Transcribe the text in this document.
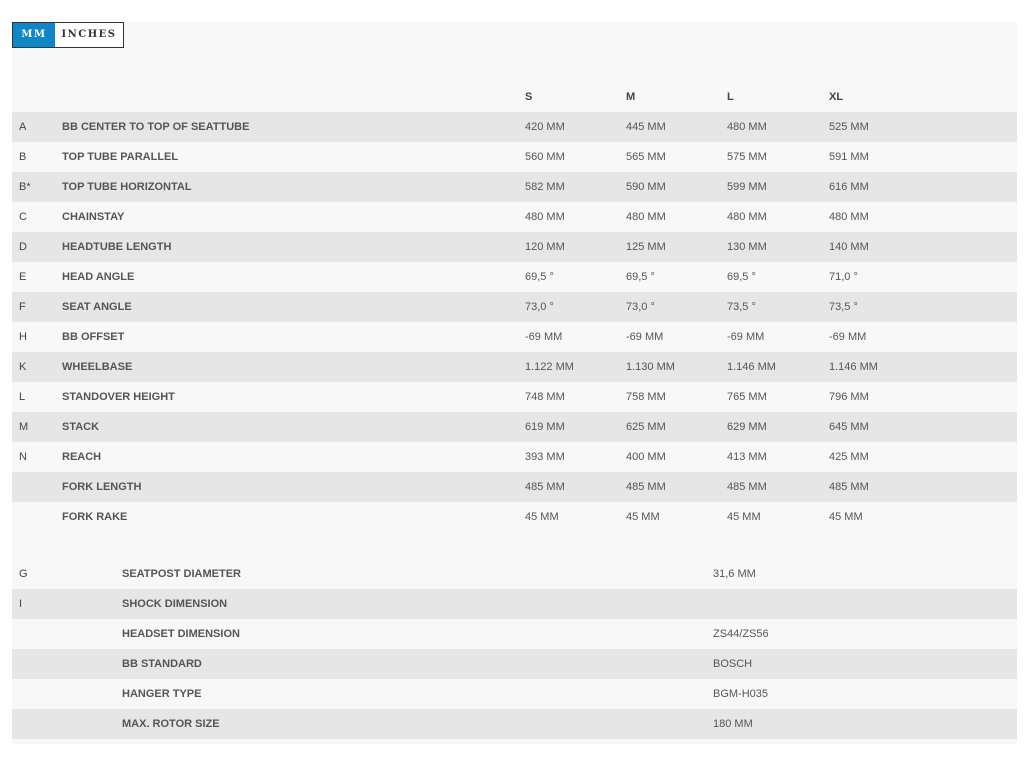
MM	INCHES
S	M	L	XL
A	BB CENTER TO TOP OF SEATTUBE	420 MM	445 MM	480 MM	525 MM
B	TOP TUBE PARALLEL	560 MM	565 MM	575 MM	591 MM
B*	TOP TUBE HORIZONTAL	582 MM	590 MM	599 MM	616 MM
C	CHAINSTAY	480 MM	480 MM	480 MM	480 MM
D	HEADTUBE LENGTH	120 MM	125 MM	130 MM	140 MM
E	HEAD ANGLE	69,5 °	69,5 °	69,5 °	71,0 °
F	SEAT ANGLE	73,0 °	73,0 °	73,5 °	73,5 °
H	BB OFFSET	-69 MM	-69 MM	-69 MM	-69 MM
K	WHEELBASE	1.122 MM	1.130 MM	1.146 MM	1.146 MM
L	STANDOVER HEIGHT	748 MM	758 MM	765 MM	796 MM
M	STACK	619 MM	625 MM	629 MM	645 MM
N	REACH	393 MM	400 MM	413 MM	425 MM
FORK LENGTH	485 MM	485 MM	485 MM	485 MM
FORK RAKE	45 MM	45 MM	45 MM	45 MM
G	SEATPOST DIAMETER	31,6 MM
I	SHOCK DIMENSION
HEADSET DIMENSION	ZS44/ZS56
BB STANDARD	BOSCH
HANGER TYPE	BGM-H035
MAX. ROTOR SIZE	180 MM
